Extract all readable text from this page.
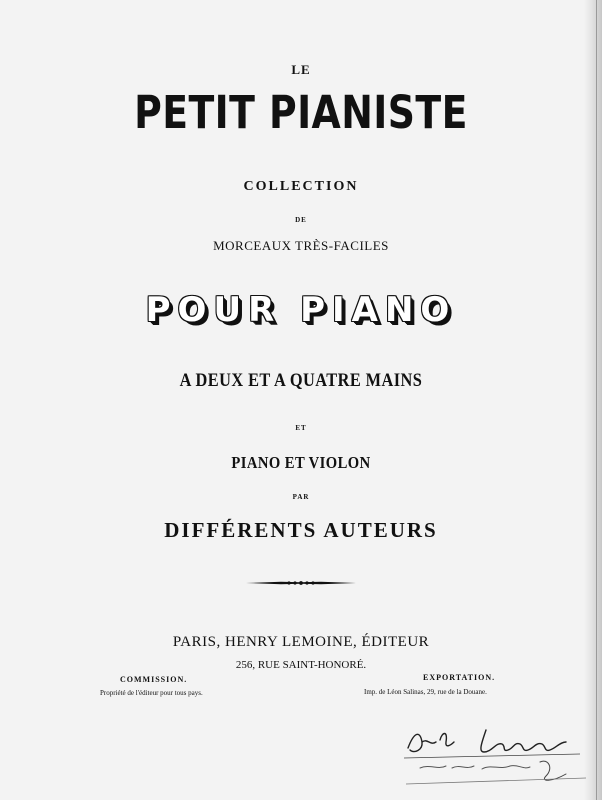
LE
PETIT PIANISTE
COLLECTION
DE
MORCEAUX TRÈS-FACILES
POUR PIANO
A DEUX ET A QUATRE MAINS
ET
PIANO ET VIOLON
PAR
DIFFÉRENTS AUTEURS
PARIS, HENRY LEMOINE, ÉDITEUR
256, RUE SAINT-HONORÉ.
COMMISSION.
Propriété de l'éditeur pour tous pays.
EXPORTATION.
Imp. de Léon Salinas, 29, rue de la Douane.
